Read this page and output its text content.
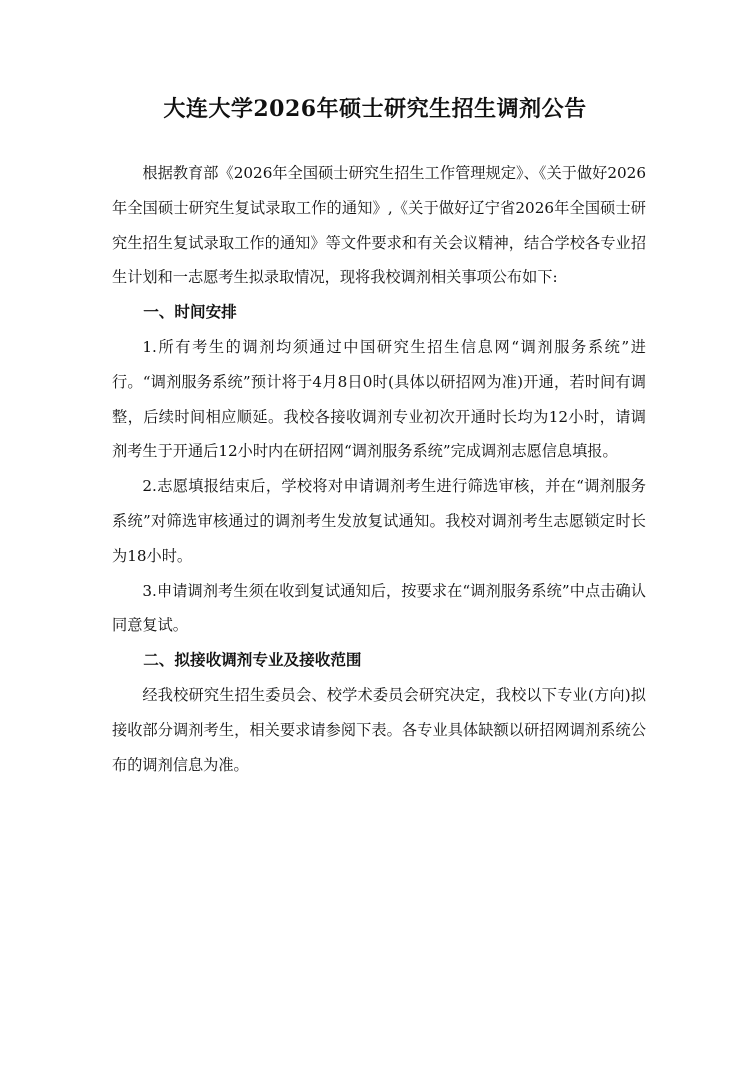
大连大学2026年硕士研究生招生调剂公告

根据教育部《2026年全国硕士研究生招生工作管理规定》、《关于做好2026年全国硕士研究生复试录取工作的通知》,《关于做好辽宁省2026年全国硕士研究生招生复试录取工作的通知》等文件要求和有关会议精神，结合学校各专业招生计划和一志愿考生拟录取情况，现将我校调剂相关事项公布如下:

一、时间安排

1.所有考生的调剂均须通过中国研究生招生信息网“调剂服务系统”进行。“调剂服务系统”预计将于4月8日0时(具体以研招网为准)开通，若时间有调整，后续时间相应顺延。我校各接收调剂专业初次开通时长均为12小时，请调剂考生于开通后12小时内在研招网“调剂服务系统”完成调剂志愿信息填报。

2.志愿填报结束后，学校将对申请调剂考生进行筛选审核，并在“调剂服务系统”对筛选审核通过的调剂考生发放复试通知。我校对调剂考生志愿锁定时长为18小时。

3.申请调剂考生须在收到复试通知后，按要求在“调剂服务系统”中点击确认同意复试。

二、拟接收调剂专业及接收范围

经我校研究生招生委员会、校学术委员会研究决定，我校以下专业(方向)拟接收部分调剂考生，相关要求请参阅下表。各专业具体缺额以研招网调剂系统公布的调剂信息为准。
